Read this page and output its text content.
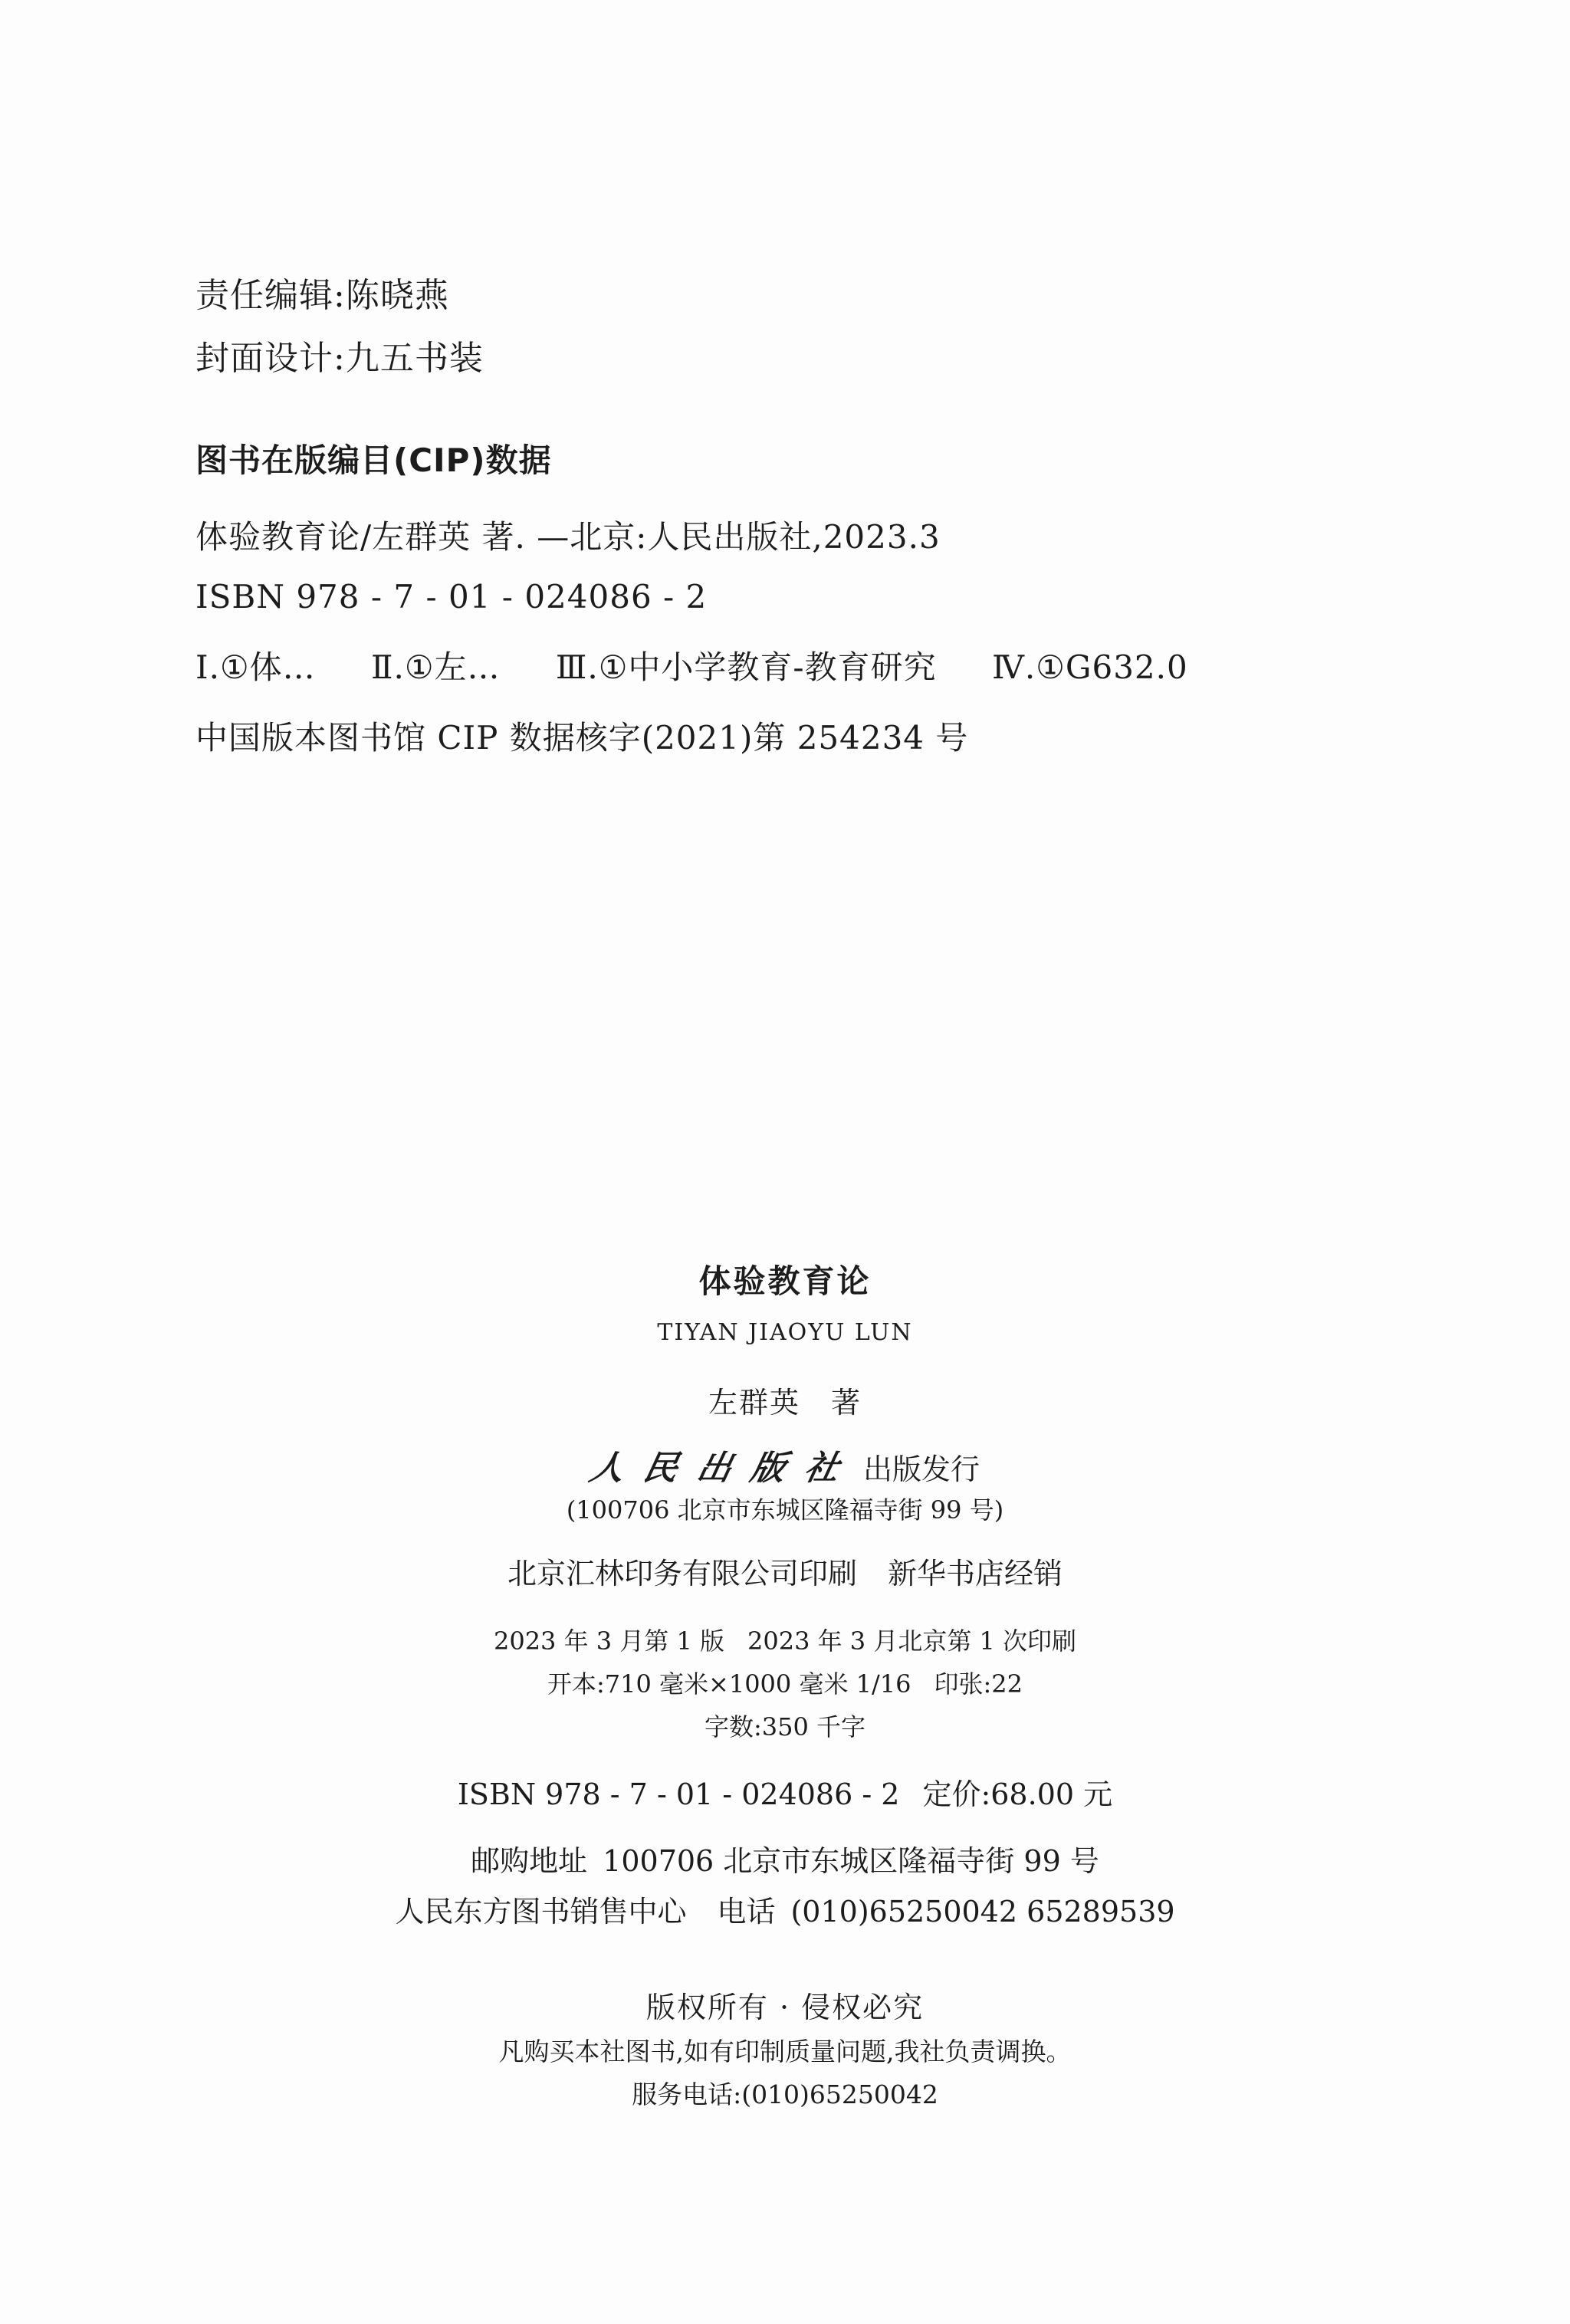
责任编辑:陈晓燕
封面设计:九五书装
图书在版编目(CIP)数据
体验教育论/左群英 著. —北京:人民出版社,2023.3
ISBN 978 - 7 - 01 - 024086 - 2
Ⅰ.①体… Ⅱ.①左… Ⅲ.①中小学教育-教育研究 Ⅳ.①G632.0
中国版本图书馆 CIP 数据核字(2021)第 254234 号
体验教育论
TIYAN JIAOYU LUN
左群英 著
人民出版社出版发行
(100706 北京市东城区隆福寺街 99 号)
北京汇林印务有限公司印刷 新华书店经销
2023 年 3 月第 1 版 2023 年 3 月北京第 1 次印刷
开本:710 毫米×1000 毫米 1/16 印张:22
字数:350 千字
ISBN 978 - 7 - 01 - 024086 - 2 定价:68.00 元
邮购地址 100706 北京市东城区隆福寺街 99 号
人民东方图书销售中心 电话 (010)65250042 65289539
版权所有 · 侵权必究
凡购买本社图书,如有印制质量问题,我社负责调换。
服务电话:(010)65250042
